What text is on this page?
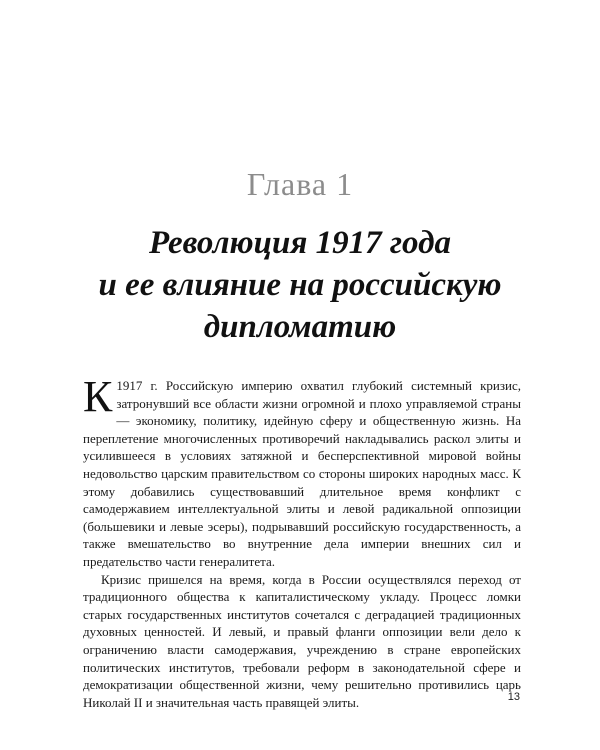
Глава 1
Революция 1917 года
и ее влияние на российскую
дипломатию

К 1917 г. Российскую империю охватил глубокий системный кризис, затронувший все области жизни огромной и плохо управляемой страны — экономику, политику, идейную сферу и общественную жизнь. На переплетение многочисленных противоречий накладывались раскол элиты и усилившееся в условиях затяжной и бесперспективной мировой войны недовольство царским правительством со стороны широких народных масс. К этому добавились существовавший длительное время конфликт с самодержавием интеллектуальной элиты и левой радикальной оппозиции (большевики и левые эсеры), подрывавший российскую государственность, а также вмешательство во внутренние дела империи внешних сил и предательство части генералитета.

Кризис пришелся на время, когда в России осуществлялся переход от традиционного общества к капиталистическому укладу. Процесс ломки старых государственных институтов сочетался с деградацией традиционных духовных ценностей. И левый, и правый фланги оппозиции вели дело к ограничению власти самодержавия, учреждению в стране европейских политических институтов, требовали реформ в законодательной сфере и демократизации общественной жизни, чему решительно противились царь Николай II и значительная часть правящей элиты.	13
